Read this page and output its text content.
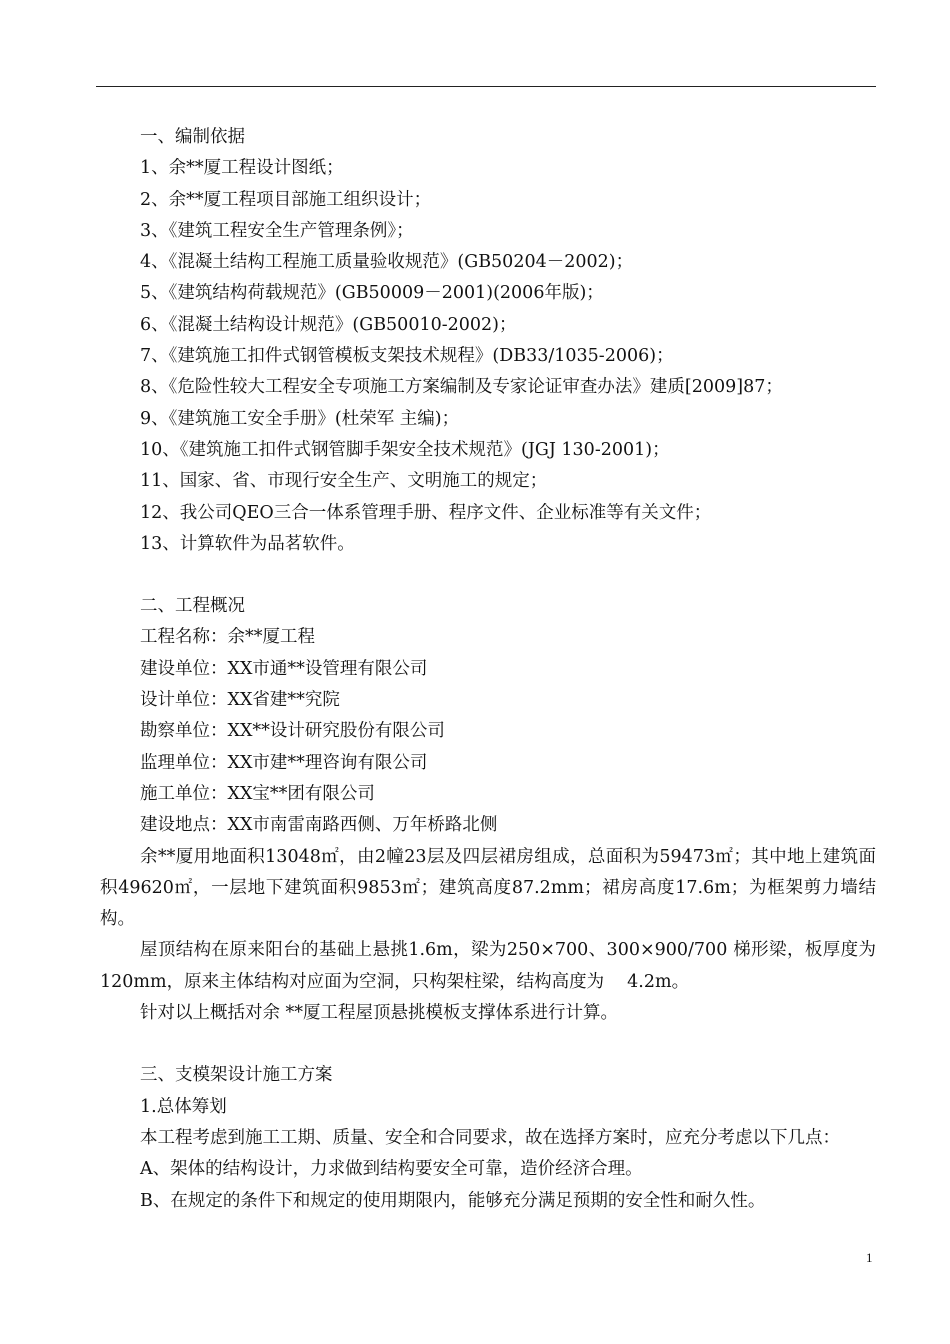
一、编制依据

1、余**厦工程设计图纸；

2、余**厦工程项目部施工组织设计；

3、《建筑工程安全生产管理条例》；

4、《混凝土结构工程施工质量验收规范》(GB50204－2002)；

5、《建筑结构荷载规范》(GB50009－2001)(2006年版)；

6、《混凝土结构设计规范》(GB50010-2002)；

7、《建筑施工扣件式钢管模板支架技术规程》(DB33/1035-2006)；

8、《危险性较大工程安全专项施工方案编制及专家论证审查办法》建质[2009]87；

9、《建筑施工安全手册》(杜荣军 主编)；

10、《建筑施工扣件式钢管脚手架安全技术规范》(JGJ 130-2001)；

11、国家、省、市现行安全生产、文明施工的规定；

12、我公司QEO三合一体系管理手册、程序文件、企业标准等有关文件；

13、计算软件为品茗软件。

二、工程概况

工程名称：余**厦工程

建设单位：XX市通**设管理有限公司

设计单位：XX省建**究院

勘察单位：XX**设计研究股份有限公司

监理单位：XX市建**理咨询有限公司

施工单位：XX宝**团有限公司

建设地点：XX市南雷南路西侧、万年桥路北侧

余**厦用地面积13048㎡，由2幢23层及四层裙房组成，总面积为59473㎡；其中地上建筑面积49620㎡，一层地下建筑面积9853㎡；建筑高度87.2mm；裙房高度17.6m；为框架剪力墙结构。

屋顶结构在原来阳台的基础上悬挑1.6m，梁为250×700、300×900/700 梯形梁，板厚度为120mm，原来主体结构对应面为空洞，只构架柱梁，结构高度为　 4.2m。

针对以上概括对余 **厦工程屋顶悬挑模板支撑体系进行计算。

三、支模架设计施工方案

1.总体筹划

本工程考虑到施工工期、质量、安全和合同要求，故在选择方案时，应充分考虑以下几点：

A、架体的结构设计，力求做到结构要安全可靠，造价经济合理。

B、在规定的条件下和规定的使用期限内，能够充分满足预期的安全性和耐久性。

1
